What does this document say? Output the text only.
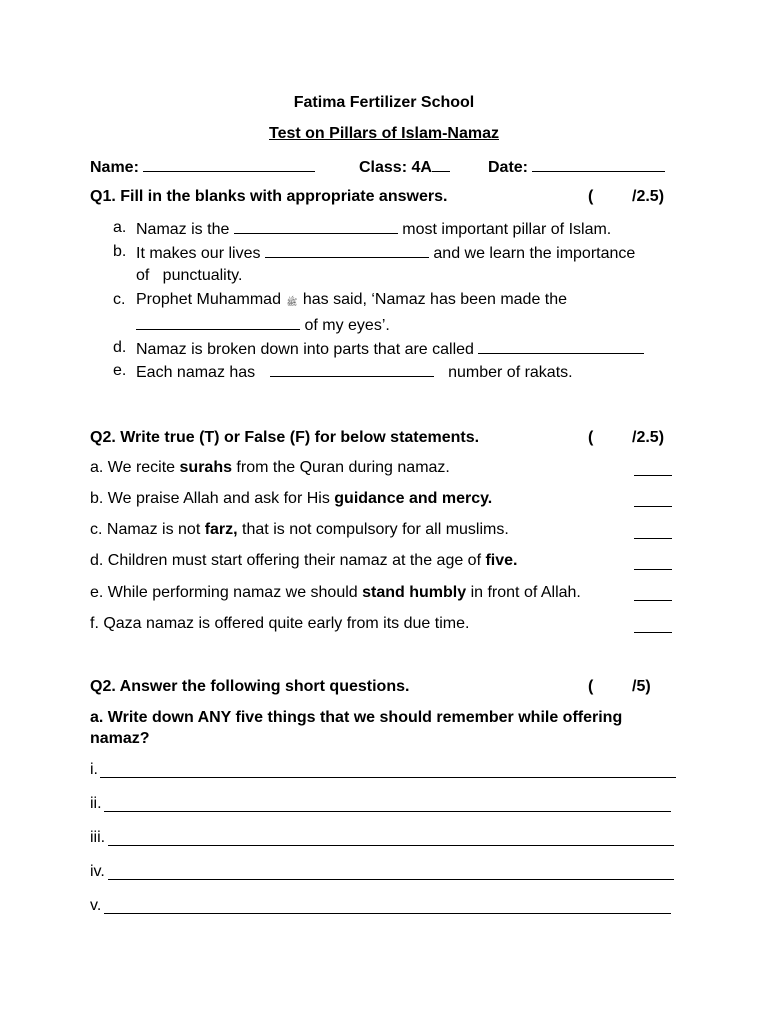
Fatima Fertilizer School
Test on Pillars of Islam-Namaz
Name:	Class: 4A	Date:
Q1. Fill in the blanks with appropriate answers.	( /2.5)
a. Namaz is the	most important pillar of Islam.
b. It makes our lives	and we learn the importance
of   punctuality.
c. Prophet Muhammad ﷺ has said, ‘Namaz has been made the
of my eyes’.
d. Namaz is broken down into parts that are called
e. Each namaz has	number of rakats.
Q2. Write true (T) or False (F) for below statements.	( /2.5)
a. We recite surahs from the Quran during namaz.
b. We praise Allah and ask for His guidance and mercy.
c. Namaz is not farz, that is not compulsory for all muslims.
d. Children must start offering their namaz at the age of five.
e. While performing namaz we should stand humbly in front of Allah.
f. Qaza namaz is offered quite early from its due time.
Q2. Answer the following short questions.	( /5)
a. Write down ANY five things that we should remember while offering
namaz?
i.
ii.
iii.
iv.
v.
